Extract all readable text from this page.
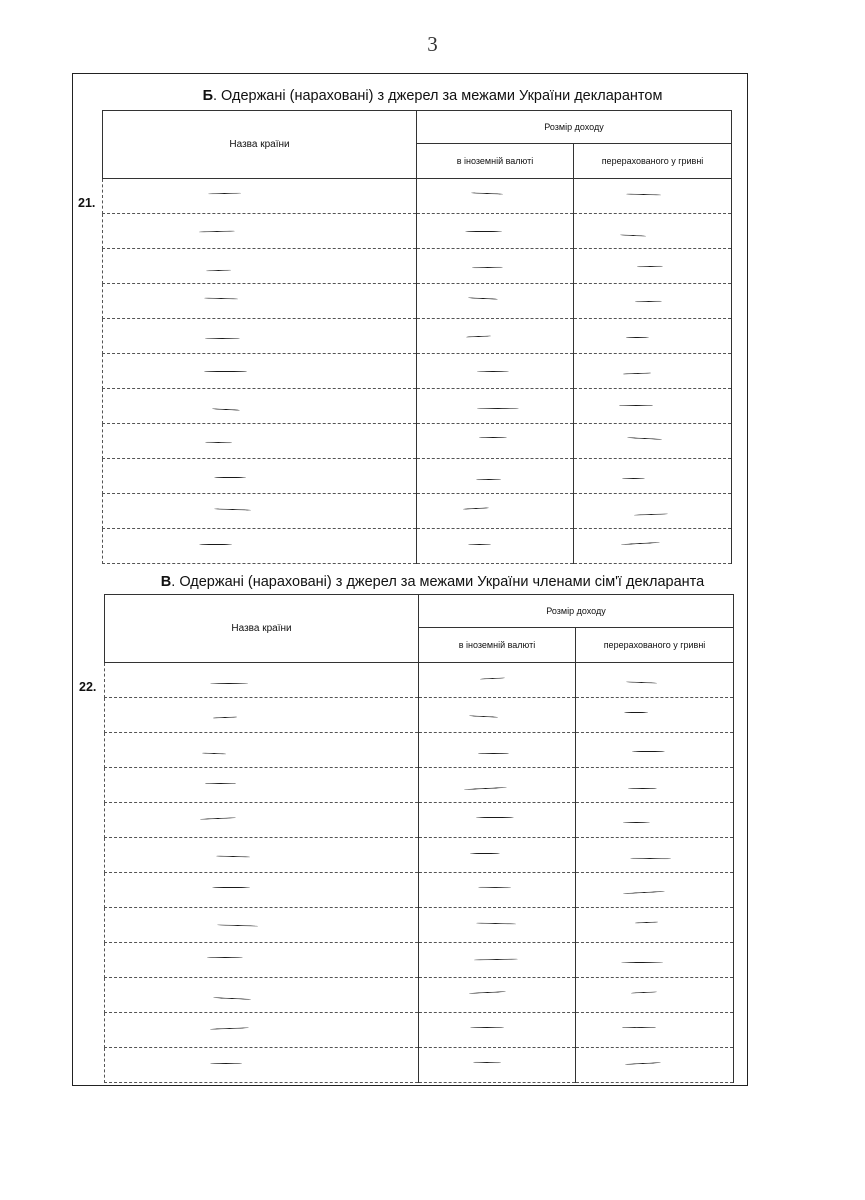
3
Б. Одержані (нараховані) з джерел за межами України декларантом
Назва країни	Розмір доходу	
	в іноземній валюті	перерахованого у гривні

21.
В. Одержані (нараховані) з джерел за межами України членами сім'ї декларанта
Назва країни	Розмір доходу	
	в іноземній валюті	перерахованого у гривні

22.
